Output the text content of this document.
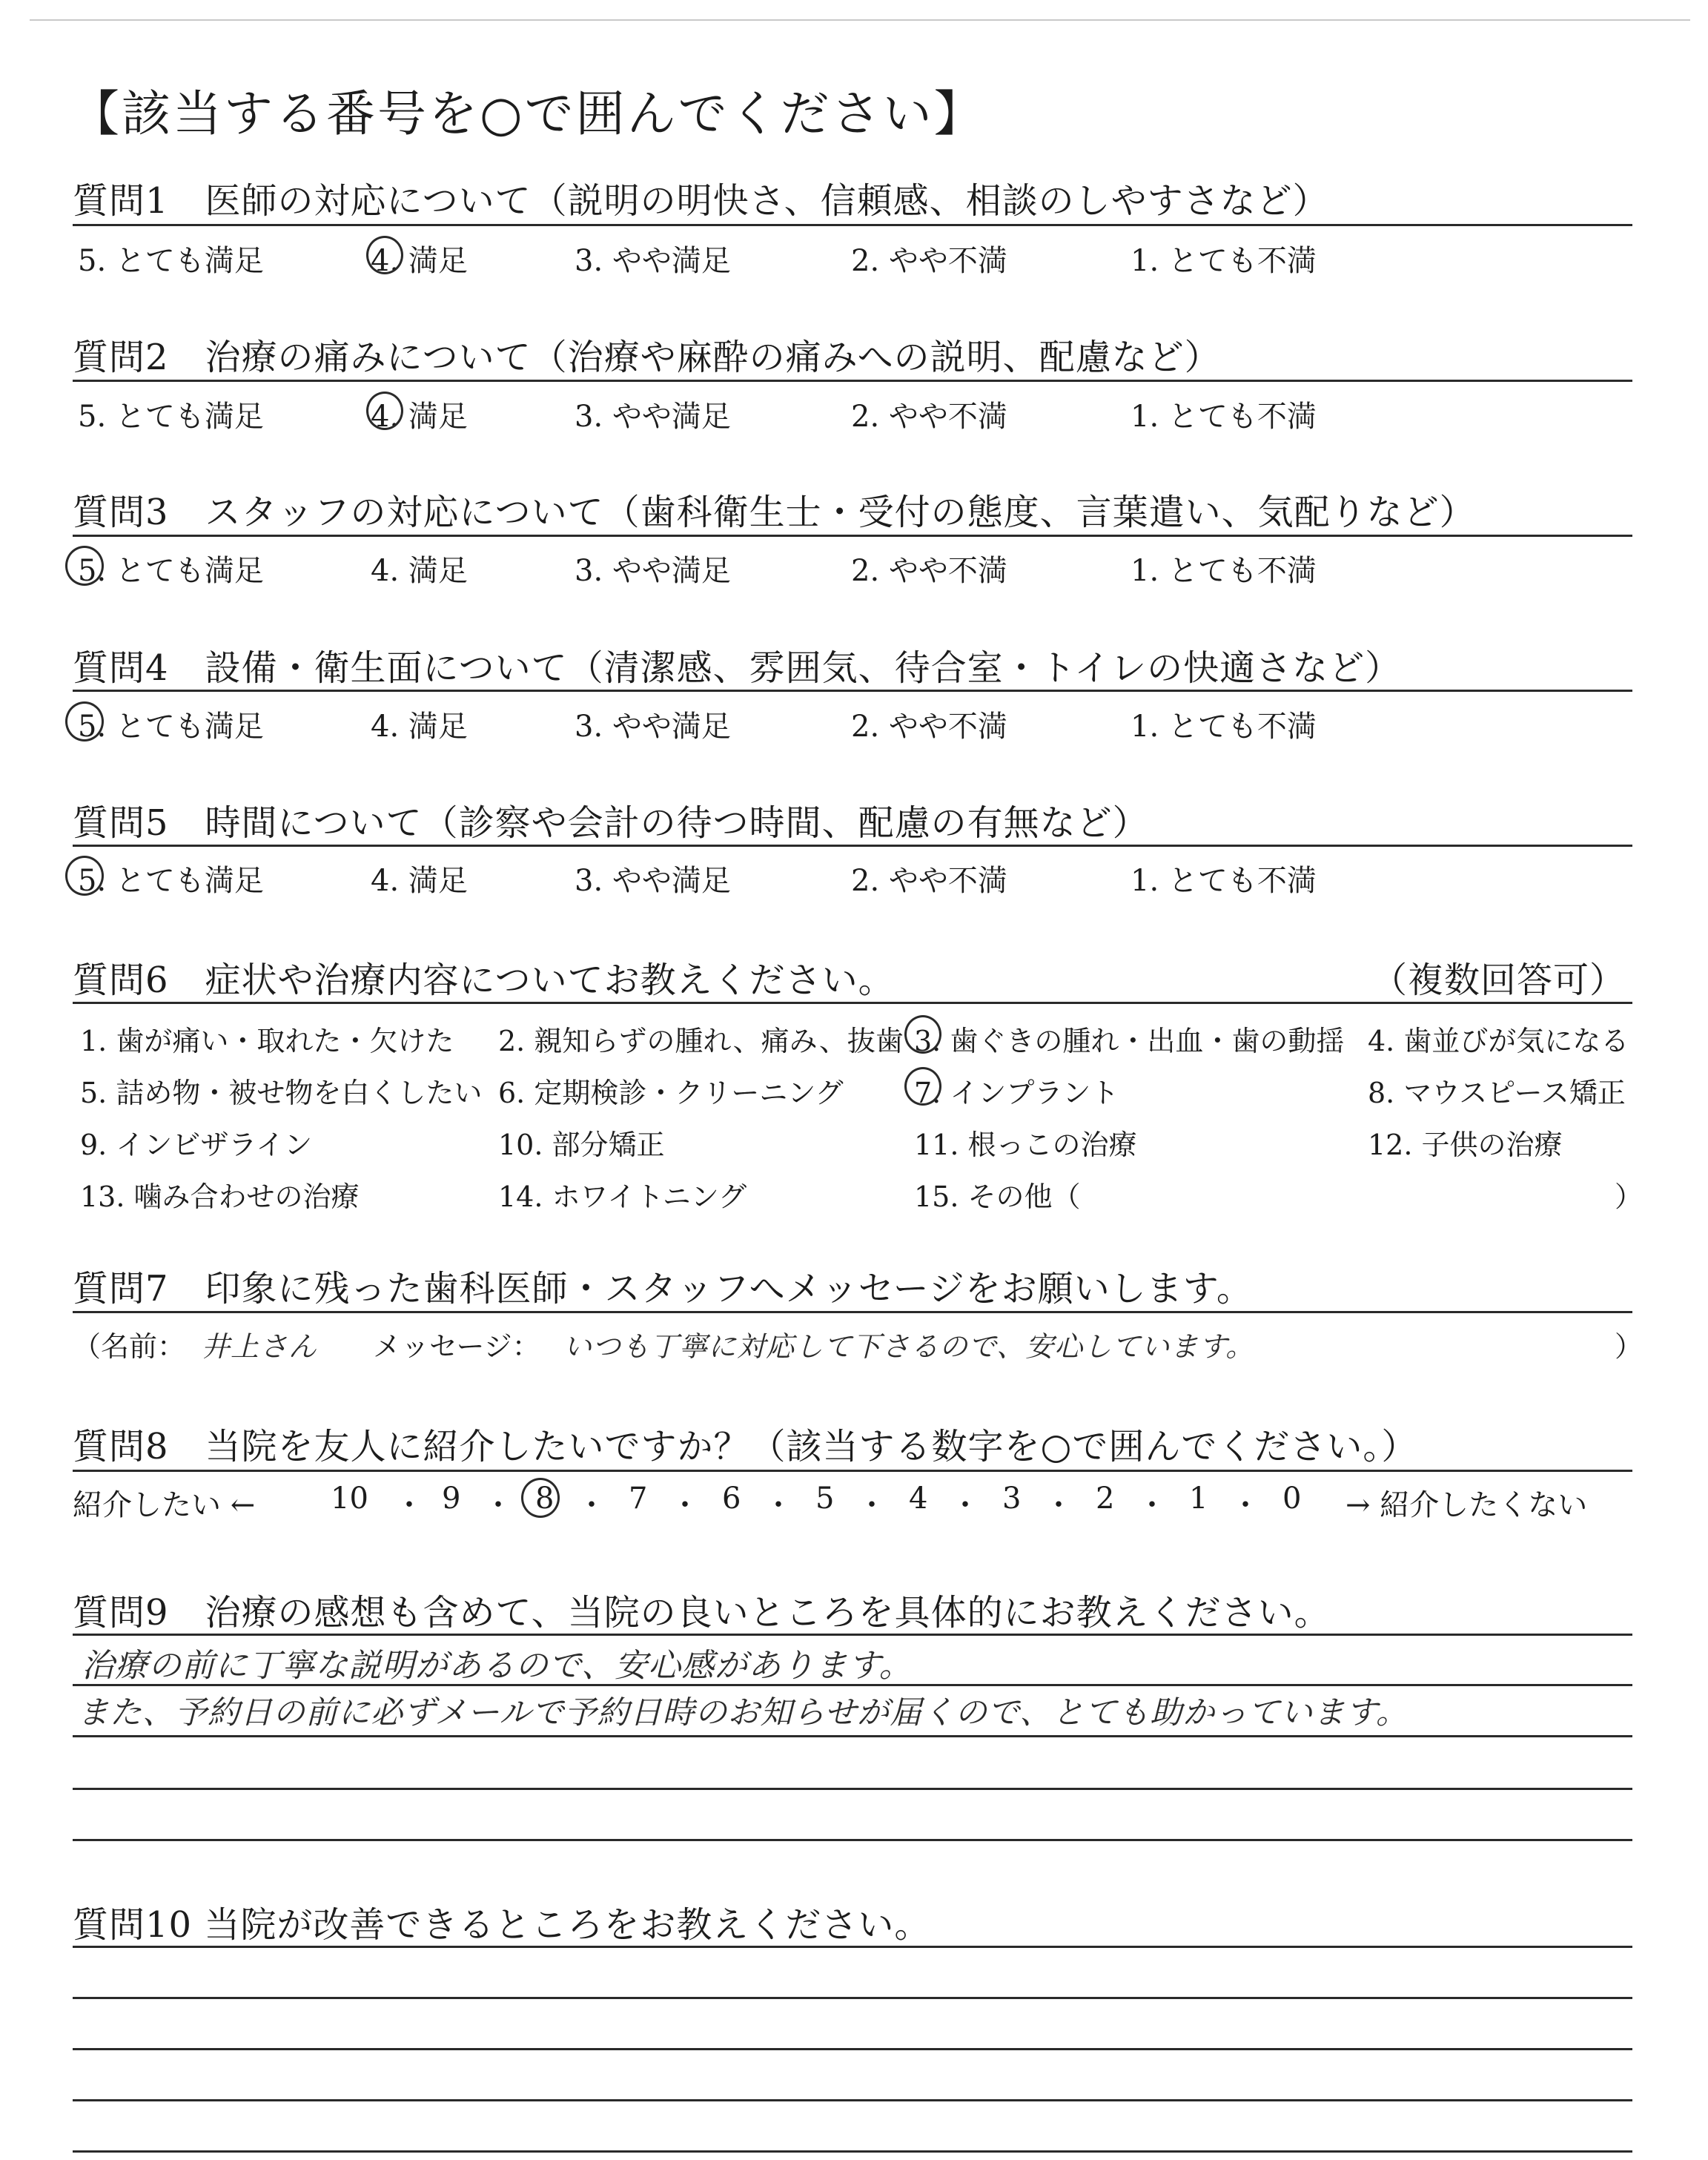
【該当する番号を○で囲んでください】
質問1　医師の対応について（説明の明快さ、信頼感、相談のしやすさなど）
5. とても満足	4. 満足	3. やや満足	2. やや不満	1. とても不満
質問2　治療の痛みについて（治療や麻酔の痛みへの説明、配慮など）
5. とても満足	4. 満足	3. やや満足	2. やや不満	1. とても不満
質問3　スタッフの対応について（歯科衛生士・受付の態度、言葉遣い、気配りなど）
5. とても満足	4. 満足	3. やや満足	2. やや不満	1. とても不満
質問4　設備・衛生面について（清潔感、雰囲気、待合室・トイレの快適さなど）
5. とても満足	4. 満足	3. やや満足	2. やや不満	1. とても不満
質問5　時間について（診察や会計の待つ時間、配慮の有無など）
5. とても満足	4. 満足	3. やや満足	2. やや不満	1. とても不満
質問6　症状や治療内容についてお教えください。	（複数回答可）
1. 歯が痛い・取れた・欠けた 2. 親知らずの腫れ、痛み、抜歯 3. 歯ぐきの腫れ・出血・歯の動揺 4. 歯並びが気になる
5. 詰め物・被せ物を白くしたい 6. 定期検診・クリーニング	7. インプラント	8. マウスピース矯正
9. インビザライン	10. 部分矯正	11. 根っこの治療	12. 子供の治療
13. 噛み合わせの治療	14. ホワイトニング	15. その他（	）
質問7　印象に残った歯科医師・スタッフへメッセージをお願いします。
（名前： 井上さん メッセージ： いつも丁寧に対応して下さるので、安心しています。	）
質問8　当院を友人に紹介したいですか？（該当する数字を○で囲んでください。）
紹介したい ←	10 ・ 9 ・ 8 ・ 7 ・ 6 ・ 5 ・ 4 ・ 3 ・ 2 ・ 1 ・ 0 → 紹介したくない
質問9　治療の感想も含めて、当院の良いところを具体的にお教えください。
治療の前に丁寧な説明があるので、安心感があります。
また、予約日の前に必ずメールで予約日時のお知らせが届くので、とても助かっています。
質問10 当院が改善できるところをお教えください。
